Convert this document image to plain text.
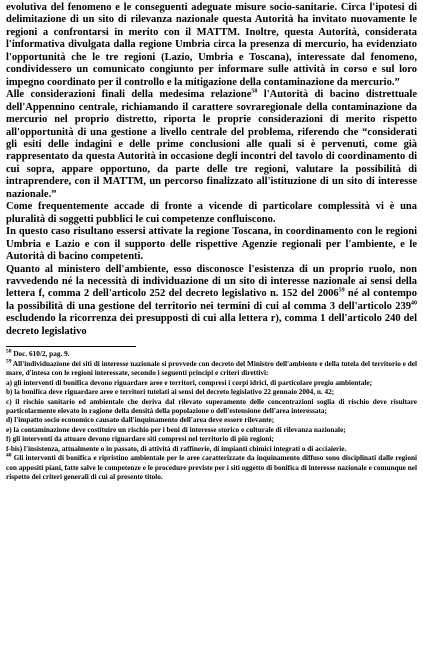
evolutiva del fenomeno e le conseguenti adeguate misure socio-sanitarie. Circa l'ipotesi di delimitazione di un sito di rilevanza nazionale questa Autorità ha invitato nuovamente le regioni a confrontarsi in merito con il MATTM. Inoltre, questa Autorità, considerata l'informativa divulgata dalla regione Umbria circa la presenza di mercurio, ha evidenziato l'opportunità che le tre regioni (Lazio, Umbria e Toscana), interessate dal fenomeno, condividessero un comunicato congiunto per informare sulle attività in corso e sul loro impegno coordinato per il controllo e la mitigazione della contaminazione da mercurio.”

Alle considerazioni finali della medesima relazione$^{58}$ l'Autorità di bacino distrettuale dell'Appennino centrale, richiamando il carattere sovraregionale della contaminazione da mercurio nel proprio distretto, riporta le proprie considerazioni di merito rispetto all'opportunità di una gestione a livello centrale del problema, riferendo che “considerati gli esiti delle indagini e delle prime conclusioni alle quali si è pervenuti, come già rappresentato da questa Autorità in occasione degli incontri del tavolo di coordinamento di cui sopra, appare opportuno, da parte delle tre regioni, valutare la possibilità di intraprendere, con il MATTM, un percorso finalizzato all'istituzione di un sito di interesse nazionale.”

Come frequentemente accade di fronte a vicende di particolare complessità vi è una pluralità di soggetti pubblici le cui competenze confluiscono.

In questo caso risultano essersi attivate la regione Toscana, in coordinamento con le regioni Umbria e Lazio e con il supporto delle rispettive Agenzie regionali per l'ambiente, e le Autorità di bacino competenti.

Quanto al ministero dell'ambiente, esso disconosce l'esistenza di un proprio ruolo, non ravvedendo né la necessità di individuazione di un sito di interesse nazionale ai sensi della lettera f, comma 2 dell'articolo 252 del decreto legislativo n. 152 del 2006$^{59}$ né al contempo la possibilità di una gestione del territorio nei termini di cui al comma 3 dell'articolo $239^{40}$ escludendo la ricorrenza dei presupposti di cui alla lettera r), comma 1 dell'articolo 240 del decreto legislativo

$^{58}$ Doc. 610/2, pag. 9.

$^{59}$ All'individuazione dei siti di interesse nazionale si provvede con decreto del Ministro dell'ambiente e della tutela del territorio e del mare, d'intesa con le regioni interessate, secondo i seguenti principi e criteri direttivi:

a) gli interventi di bonifica devono riguardare aree e territori, compresi i corpi idrici, di particolare pregio ambientale;

b) la bonifica deve riguardare aree e territori tutelati ai sensi del decreto legislativo 22 gennaio 2004, n. 42;

c) il rischio sanitario ed ambientale che deriva dal rilevato superamento delle concentrazioni soglia di rischio deve risultare particolarmente elevato in ragione della densità della popolazione o dell'estensione dell'area interessata;

d) l'impatto socio economico causato dall'inquinamento dell'area deve essere rilevante;

e) la contaminazione deve costituire un rischio per i beni di interesse storico e culturale di rilevanza nazionale;

f) gli interventi da attuare devono riguardare siti compresi nel territorio di più regioni;

f-bis) l'insistenza, attualmente o in passato, di attività di raffinerie, di impianti chimici integrati o di acciaierie.

$^{40}$ Gli interventi di bonifica e ripristino ambientale per le aree caratterizzate da inquinamento diffuso sono disciplinati dalle regioni con appositi piani, fatte salve le competenze e le procedure previste per i siti oggetto di bonifica di interesse nazionale e comunque nel rispetto dei criteri generali di cui al presente titolo.
